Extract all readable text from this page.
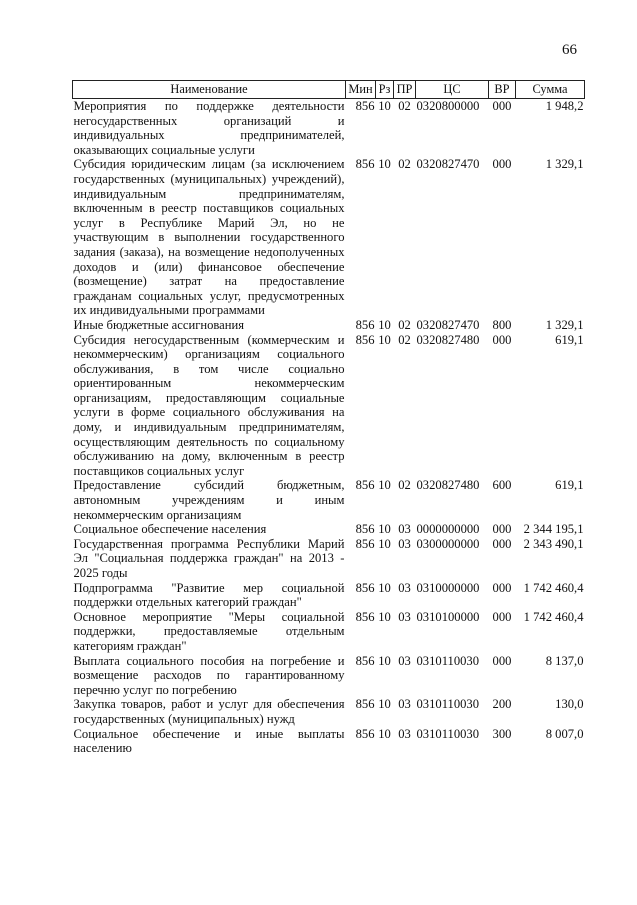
66
Наименование	Мин	Рз	ПР	ЦС	ВР	Сумма
Мероприятия по поддержке деятельности негосударственных организаций и индивидуальных предпринимателей, оказывающих социальные услуги	856	10	02	0320800000	000	1 948,2
Субсидия юридическим лицам (за исключением государственных (муниципальных) учреждений), индивидуальным предпринимателям, включенным в реестр поставщиков социальных услуг в Республике Марий Эл, но не участвующим в выполнении государственного задания (заказа), на возмещение недополученных доходов и (или) финансовое обеспечение (возмещение) затрат на предоставление гражданам социальных услуг, предусмотренных их индивидуальными программами	856	10	02	0320827470	000	1 329,1
Иные бюджетные ассигнования	856	10	02	0320827470	800	1 329,1
Субсидия негосударственным (коммерческим и некоммерческим) организациям социального обслуживания, в том числе социально ориентированным некоммерческим организациям, предоставляющим социальные услуги в форме социального обслуживания на дому, и индивидуальным предпринимателям, осуществляющим деятельность по социальному обслуживанию на дому, включенным в реестр поставщиков социальных услуг	856	10	02	0320827480	000	619,1
Предоставление субсидий бюджетным, автономным учреждениям и иным некоммерческим организациям	856	10	02	0320827480	600	619,1
Социальное обеспечение населения	856	10	03	0000000000	000	2 344 195,1
Государственная программа Республики Марий Эл "Социальная поддержка граждан" на 2013 - 2025 годы	856	10	03	0300000000	000	2 343 490,1
Подпрограмма "Развитие мер социальной поддержки отдельных категорий граждан"	856	10	03	0310000000	000	1 742 460,4
Основное мероприятие "Меры социальной поддержки, предоставляемые отдельным категориям граждан"	856	10	03	0310100000	000	1 742 460,4
Выплата социального пособия на погребение и возмещение расходов по гарантированному перечню услуг по погребению	856	10	03	0310110030	000	8 137,0
Закупка товаров, работ и услуг для обеспечения государственных (муниципальных) нужд	856	10	03	0310110030	200	130,0
Социальное обеспечение и иные выплаты населению	856	10	03	0310110030	300	8 007,0
